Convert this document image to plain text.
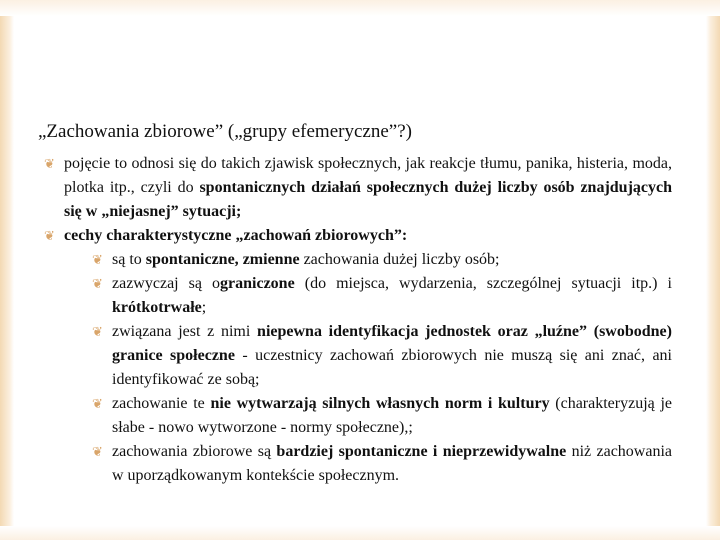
„Zachowania zbiorowe” („grupy efemeryczne”?)
❦ pojęcie to odnosi się do takich zjawisk społecznych, jak reakcje tłumu, panika, histeria, moda, plotka itp., czyli do spontanicznych działań społecznych dużej liczby osób znajdujących się w „niejasnej” sytuacji;
❦ cechy charakterystyczne „zachowań zbiorowych”:
❦ są to spontaniczne, zmienne zachowania dużej liczby osób;
❦ zazwyczaj są ograniczone (do miejsca, wydarzenia, szczególnej sytuacji itp.) i krótkotrwałe;
❦ związana jest z nimi niepewna identyfikacja jednostek oraz „luźne” (swobodne) granice społeczne - uczestnicy zachowań zbiorowych nie muszą się ani znać, ani identyfikować ze sobą;
❦ zachowanie te nie wytwarzają silnych własnych norm i kultury (charakteryzują je słabe - nowo wytworzone - normy społeczne),;
❦ zachowania zbiorowe są bardziej spontaniczne i nieprzewidywalne niż zachowania w uporządkowanym kontekście społecznym.
